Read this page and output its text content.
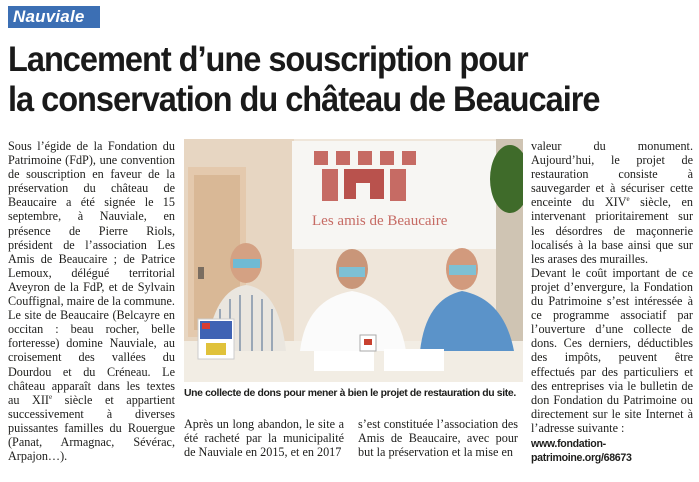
Nauviale
Lancement d’une souscription pour
la conservation du château de Beaucaire

Sous l’égide de la Fondation du Patrimoine (FdP), une convention de souscription en faveur de la préservation du château de Beaucaire a été signée le 15 septembre, à Nauviale, en présence de Pierre Riols, président de l’association Les Amis de Beaucaire ; de Patrice Lemoux, délégué territorial Aveyron de la FdP, et de Sylvain Couffignal, maire de la commune.

Le site de Beaucaire (Belcayre en occitan : beau rocher, belle forteresse) domine Nauviale, au croisement des vallées du Dourdou et du Créneau. Le château apparaît dans les textes au XIIe siècle et appartient successivement à diverses puissantes familles du Rouergue (Panat, Armagnac, Sévérac, Arpajon…).

Les amis de Beaucaire
Une collecte de dons pour mener à bien le projet de restauration du site.

Après un long abandon, le site a été racheté par la municipalité de Nauviale en 2015, et en 2017

s’est constituée l’association des Amis de Beaucaire, avec pour but la préservation et la mise en

valeur du monument. Aujourd’hui, le projet de restauration consiste à sauvegarder et à sécuriser cette enceinte du XIVe siècle, en intervenant prioritairement sur les désordres de maçonnerie localisés à la base ainsi que sur les arases des murailles.

Devant le coût important de ce projet d’envergure, la Fondation du Patrimoine s’est intéressée à ce programme associatif par l’ouverture d’une collecte de dons. Ces derniers, déductibles des impôts, peuvent être effectués par des particuliers et des entreprises via le bulletin de don Fondation du Patrimoine ou directement sur le site Internet à l’adresse suivante :

www.fondation-patrimoine.org/68673
